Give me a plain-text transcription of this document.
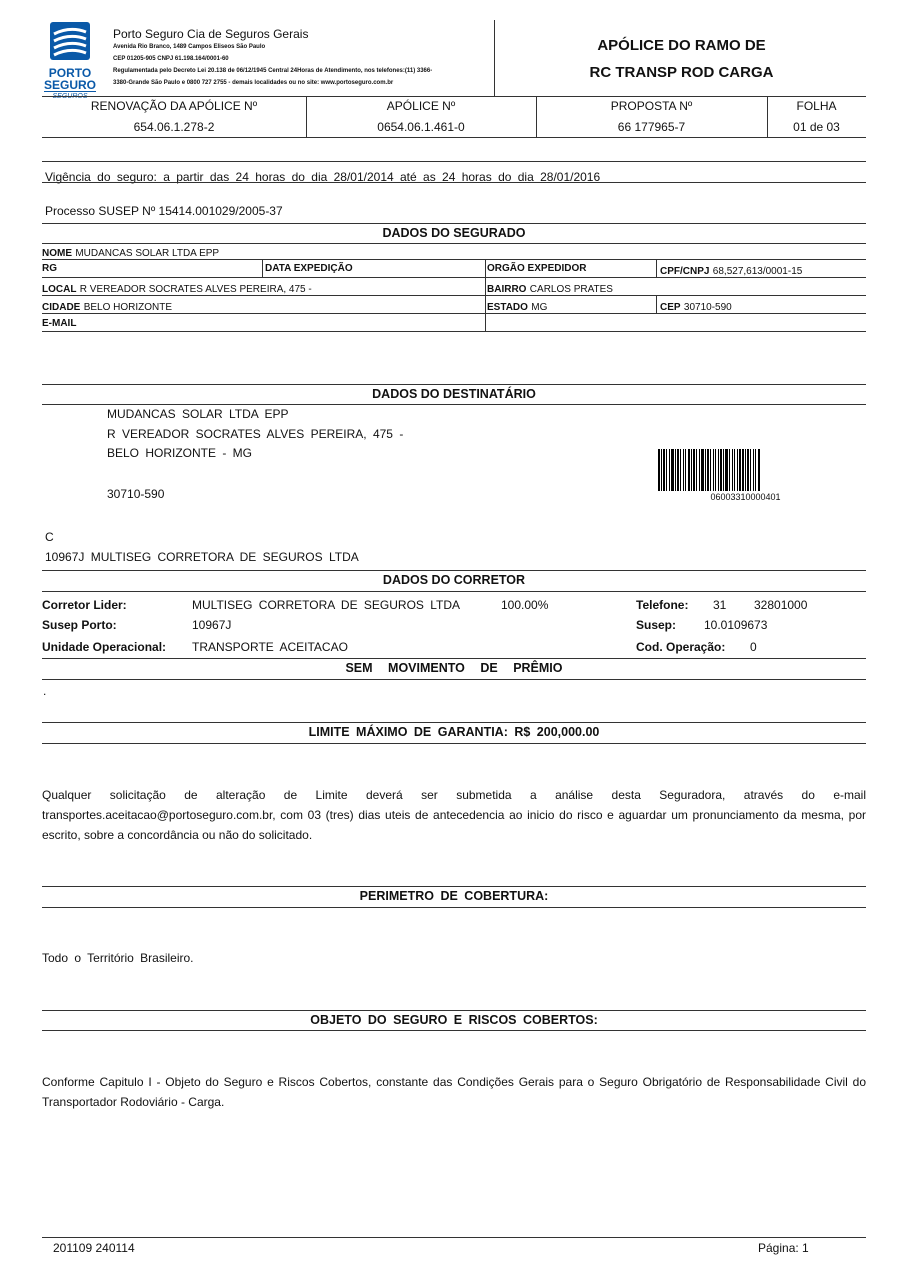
PORTO
SEGURO
SEGUROS
Porto Seguro Cia de Seguros Gerais
Avenida Rio Branco, 1489 Campos Eliseos São Paulo
CEP 01205-905 CNPJ 61.198.164/0001-60
Regulamentada pelo Decreto Lei 20.138 de 06/12/1945 Central 24Horas de Atendimento, nos telefones:(11) 3366-
3380-Grande São Paulo e 0800 727 2755 - demais localidades ou no site: www.portoseguro.com.br
APÓLICE DO RAMO DE
RC TRANSP ROD CARGA
RENOVAÇÃO DA APÓLICE Nº
654.06.1.278-2
APÓLICE Nº
0654.06.1.461-0
PROPOSTA Nº
66 177965-7
FOLHA
01 de 03
Vigência do seguro: a partir das 24 horas do dia 28/01/2014 até as 24 horas do dia 28/01/2016
Processo SUSEP Nº 15414.001029/2005-37
DADOS DO SEGURADO
NOME MUDANCAS SOLAR LTDA EPP
RG	DATA EXPEDIÇÃO	ORGÃO EXPEDIDOR	CPF/CNPJ 68,527,613/0001-15
LOCAL R VEREADOR SOCRATES ALVES PEREIRA, 475 -	BAIRRO CARLOS PRATES
CIDADE BELO HORIZONTE	ESTADO MG	CEP 30710-590
E-MAIL
DADOS DO DESTINATÁRIO
MUDANCAS SOLAR LTDA EPP
R VEREADOR SOCRATES ALVES PEREIRA, 475 -
BELO HORIZONTE - MG
30710-590	06003310000401
C
10967J MULTISEG CORRETORA DE SEGUROS LTDA
DADOS DO CORRETOR
Corretor Lider:	MULTISEG CORRETORA DE SEGUROS LTDA	100.00%	Telefone: 31 32801000
Susep Porto:	10967J	Susep: 10.0109673
Unidade Operacional: TRANSPORTE ACEITACAO	Cod. Operação: 0
SEM MOVIMENTO DE PRÊMIO
.
LIMITE MÁXIMO DE GARANTIA: R$ 200,000.00
Qualquer solicitação de alteração de Limite deverá ser submetida a análise desta Seguradora, através do e-mail transportes.aceitacao@portoseguro.com.br, com 03 (tres) dias uteis de antecedencia ao inicio do risco e aguardar um pronunciamento da mesma, por escrito, sobre a concordância ou não do solicitado.
PERIMETRO DE COBERTURA:
Todo o Território Brasileiro.
OBJETO DO SEGURO E RISCOS COBERTOS:
Conforme Capitulo I - Objeto do Seguro e Riscos Cobertos, constante das Condições Gerais para o Seguro Obrigatório de Responsabilidade Civil do Transportador Rodoviário - Carga.
201109 240114	Página: 1
